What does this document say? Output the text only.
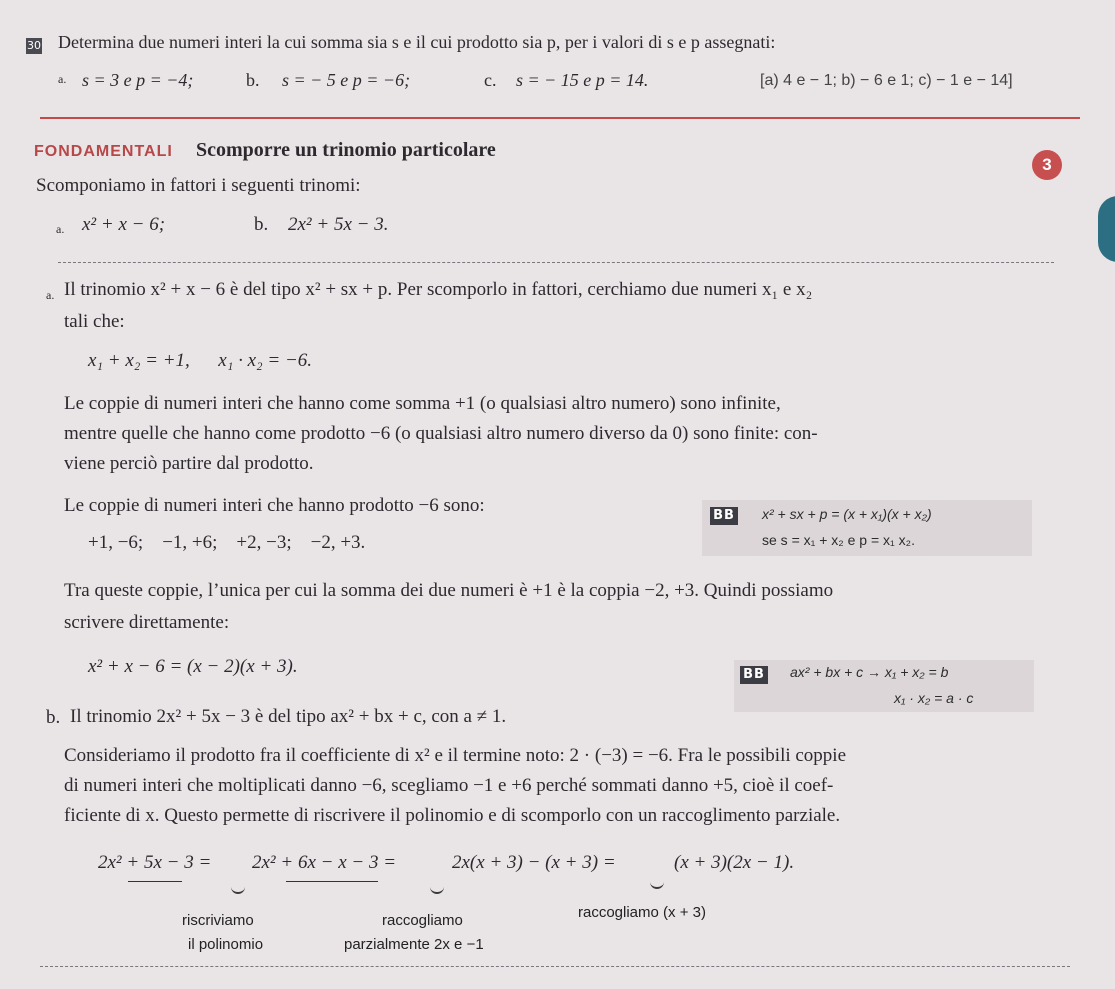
30 Determina due numeri interi la cui somma sia s e il cui prodotto sia p, per i valori di s e p assegnati:
a. s = 3 e p = −4;	b. s = − 5 e p = −6;	c. s = − 15 e p = 14.	[a) 4 e − 1; b) − 6 e 1; c) − 1 e − 14]
FONDAMENTALI Scomporre un trinomio particolare
3
Scomponiamo in fattori i seguenti trinomi:
a. x² + x − 6;	b. 2x² + 5x − 3.
a. Il trinomio x² + x − 6 è del tipo x² + sx + p. Per scomporlo in fattori, cerchiamo due numeri x₁ e x₂
tali che:
x₁ + x₂ = +1,      x₁ · x₂ = −6.
Le coppie di numeri interi che hanno come somma +1 (o qualsiasi altro numero) sono infinite,
mentre quelle che hanno come prodotto −6 (o qualsiasi altro numero diverso da 0) sono finite: con-
viene perciò partire dal prodotto.
Le coppie di numeri interi che hanno prodotto −6 sono:
+1, −6;    −1, +6;    +2, −3;    −2, +3.
BB x² + sx + p = (x + x₁)(x + x₂)
se s = x₁ + x₂ e p = x₁ x₂.
Tra queste coppie, l’unica per cui la somma dei due numeri è +1 è la coppia −2, +3. Quindi possiamo
scrivere direttamente:
x² + x − 6 = (x − 2)(x + 3).	BB ax² + bx + c → x₁ + x₂ = b
x₁ · x₂ = a · c
b. Il trinomio 2x² + 5x − 3 è del tipo ax² + bx + c, con a ≠ 1.
Consideriamo il prodotto fra il coefficiente di x² e il termine noto: 2 · (−3) = −6. Fra le possibili coppie
di numeri interi che moltiplicati danno −6, scegliamo −1 e +6 perché sommati danno +5, cioè il coef-
ficiente di x. Questo permette di riscrivere il polinomio e di scomporlo con un raccoglimento parziale.
2x² + 5x − 3 = 2x² + 6x − x − 3 =	2x(x + 3) − (x + 3) =	(x + 3)(2x − 1).
riscriviamo
il polinomio
raccogliamo
parzialmente 2x e −1
raccogliamo (x + 3)
